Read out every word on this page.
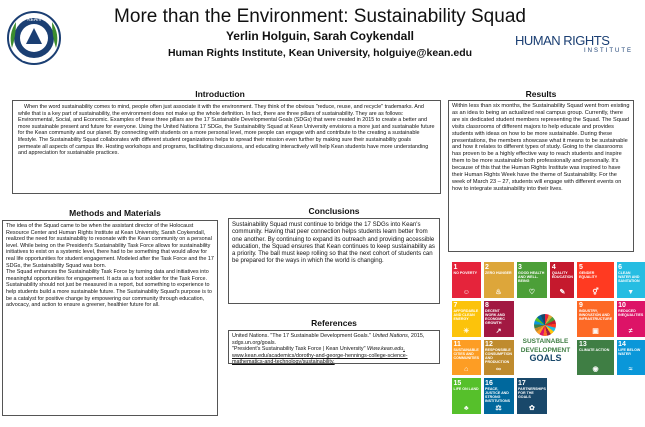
KEAN
UNIVERSITY
HUMAN RIGHTS
INSTITUTE
More than the Environment: Sustainability Squad
Yerlin Holguin, Sarah Coykendall
Human Rights Institute, Kean University, holguiye@kean.edu
Introduction

When the word sustainability comes to mind, people often just associate it with the environment. They think of the obvious "reduce, reuse, and recycle" trademarks. And while that is a key part of sustainability, the environment does not make up the whole definition. In fact, there are three pillars of sustainability. They are as follows: Environmental, Social, and Economic. Examples of these three pillars are the 17 Sustainable Developmental Goals (SDGs) that were created in 2015 to create a better and more sustainable present and future for everyone. Using the United Nations 17 SDGs, the Sustainability Squad at Kean University envisions a more just and sustainable future for the Kean community and our planet. By connecting with students on a more personal level, more people can engage with and contribute to the creating a sustainable lifestyle. The Sustainability Squad collaborates with different student organizations helps to spread their mission even further by making sure their sustainability goals permeate all aspects of campus life. Hosting workshops and programs, facilitating discussions, and educating interactively will help Kean students have more understanding and appreciation for sustainable practices.

Methods and Materials

The idea of the Squad came to be when the assistant director of the Holocaust Resource Center and Human Rights Institute at Kean University, Sarah Coykendall, realized the need for sustainability to resonate with the Kean community on a personal level. While being on the President's Sustainability Task Force allows for sustainability initiatives to exist on a systemic level, there had to be something that would allow for real life opportunities for student engagement. Modeled after the Task Force and the 17 SDGs, the Sustainability Squad was born.

The Squad enhances the Sustainability Task Force by turning data and initiatives into meaningful opportunities for engagement. It acts as a foot soldier for the Task Force. Sustainability should not just be measured in a report, but something to experience to help students build a more sustainable future. The Sustainability Squad's purpose is to be a catalyst for positive change by empowering our community through education, advocacy, and action to ensure a greener, healthier future for all.

Conclusions

Sustainability Squad must continue to bridge the 17 SDGs into Kean's community. Having that peer connection helps students learn better from one another. By continuing to expand its outreach and providing accessible education, the Squad ensures that Kean continues to keep sustainability as a priority. The ball must keep rolling so that the next cohort of students can be prepared for the ways in which the world is changing.

References

United Nations. "The 17 Sustainable Development Goals." United Nations, 2015, sdgs.un.org/goals.

"President's Sustainability Task Force | Kean University" Www.kean.edu, www.kean.edu/academics/dorothy-and-george-hennings-college-science-mathematics-and-technology/sustainability.

Results

Within less than six months, the Sustainability Squad went from existing as an idea to being an actualized real campus group. Currently, there are six dedicated student members representing the Squad. The Squad visits classrooms of different majors to help educate and provides students with ideas on how to be more sustainable. During these presentations, the members showcase what it means to be sustainable and how it relates to different types of study. Going to the classrooms has proven to be a highly effective way to reach students and inspire them to be more sustainable both professionally and personally. It's because of this that the Human Rights Institute was inspired to have their Human Rights Week have the theme of Sustainability. For the week of March 23 – 27, students will engage with different events on how to integrate sustainability into their lives.

SUSTAINABLE
DEVELOPMENT
GOALS
1
NO POVERTY
☺
2
ZERO HUNGER
♨
3
GOOD HEALTH AND WELL-BEING
♡
4
QUALITY EDUCATION
✎
5
GENDER EQUALITY
⚥
6
CLEAN WATER AND SANITATION
▼
7
AFFORDABLE AND CLEAN ENERGY
☀
8
DECENT WORK AND ECONOMIC GROWTH
↗
9
INDUSTRY, INNOVATION AND INFRASTRUCTURE
▣
10
REDUCED INEQUALITIES
≠
11
SUSTAINABLE CITIES AND COMMUNITIES
⌂
12
RESPONSIBLE CONSUMPTION AND PRODUCTION
∞
13
CLIMATE ACTION
◉
14
LIFE BELOW WATER
≈
15
LIFE ON LAND
♣
16
PEACE, JUSTICE AND STRONG INSTITUTIONS
⚖
17
PARTNERSHIPS FOR THE GOALS
✿
